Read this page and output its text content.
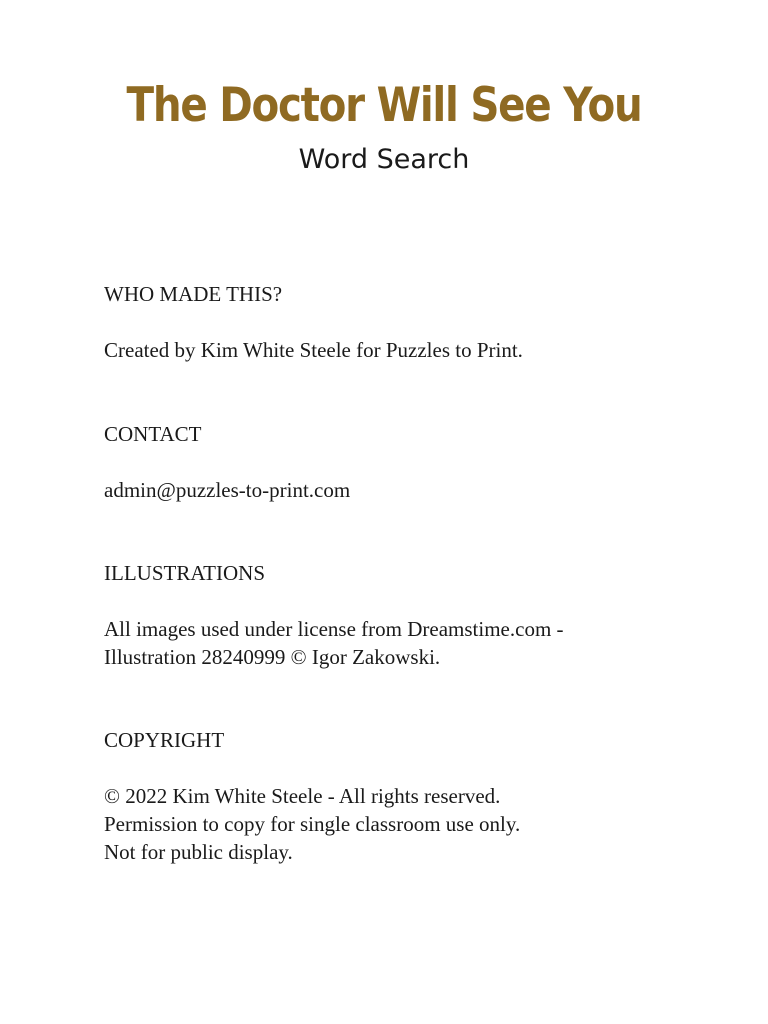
The Doctor Will See You
Word Search
WHO MADE THIS?

Created by Kim White Steele for Puzzles to Print.

CONTACT

admin@puzzles-to-print.com

ILLUSTRATIONS

All images used under license from Dreamstime.com -

Illustration 28240999 © Igor Zakowski.

COPYRIGHT

© 2022 Kim White Steele - All rights reserved.

Permission to copy for single classroom use only.

Not for public display.
